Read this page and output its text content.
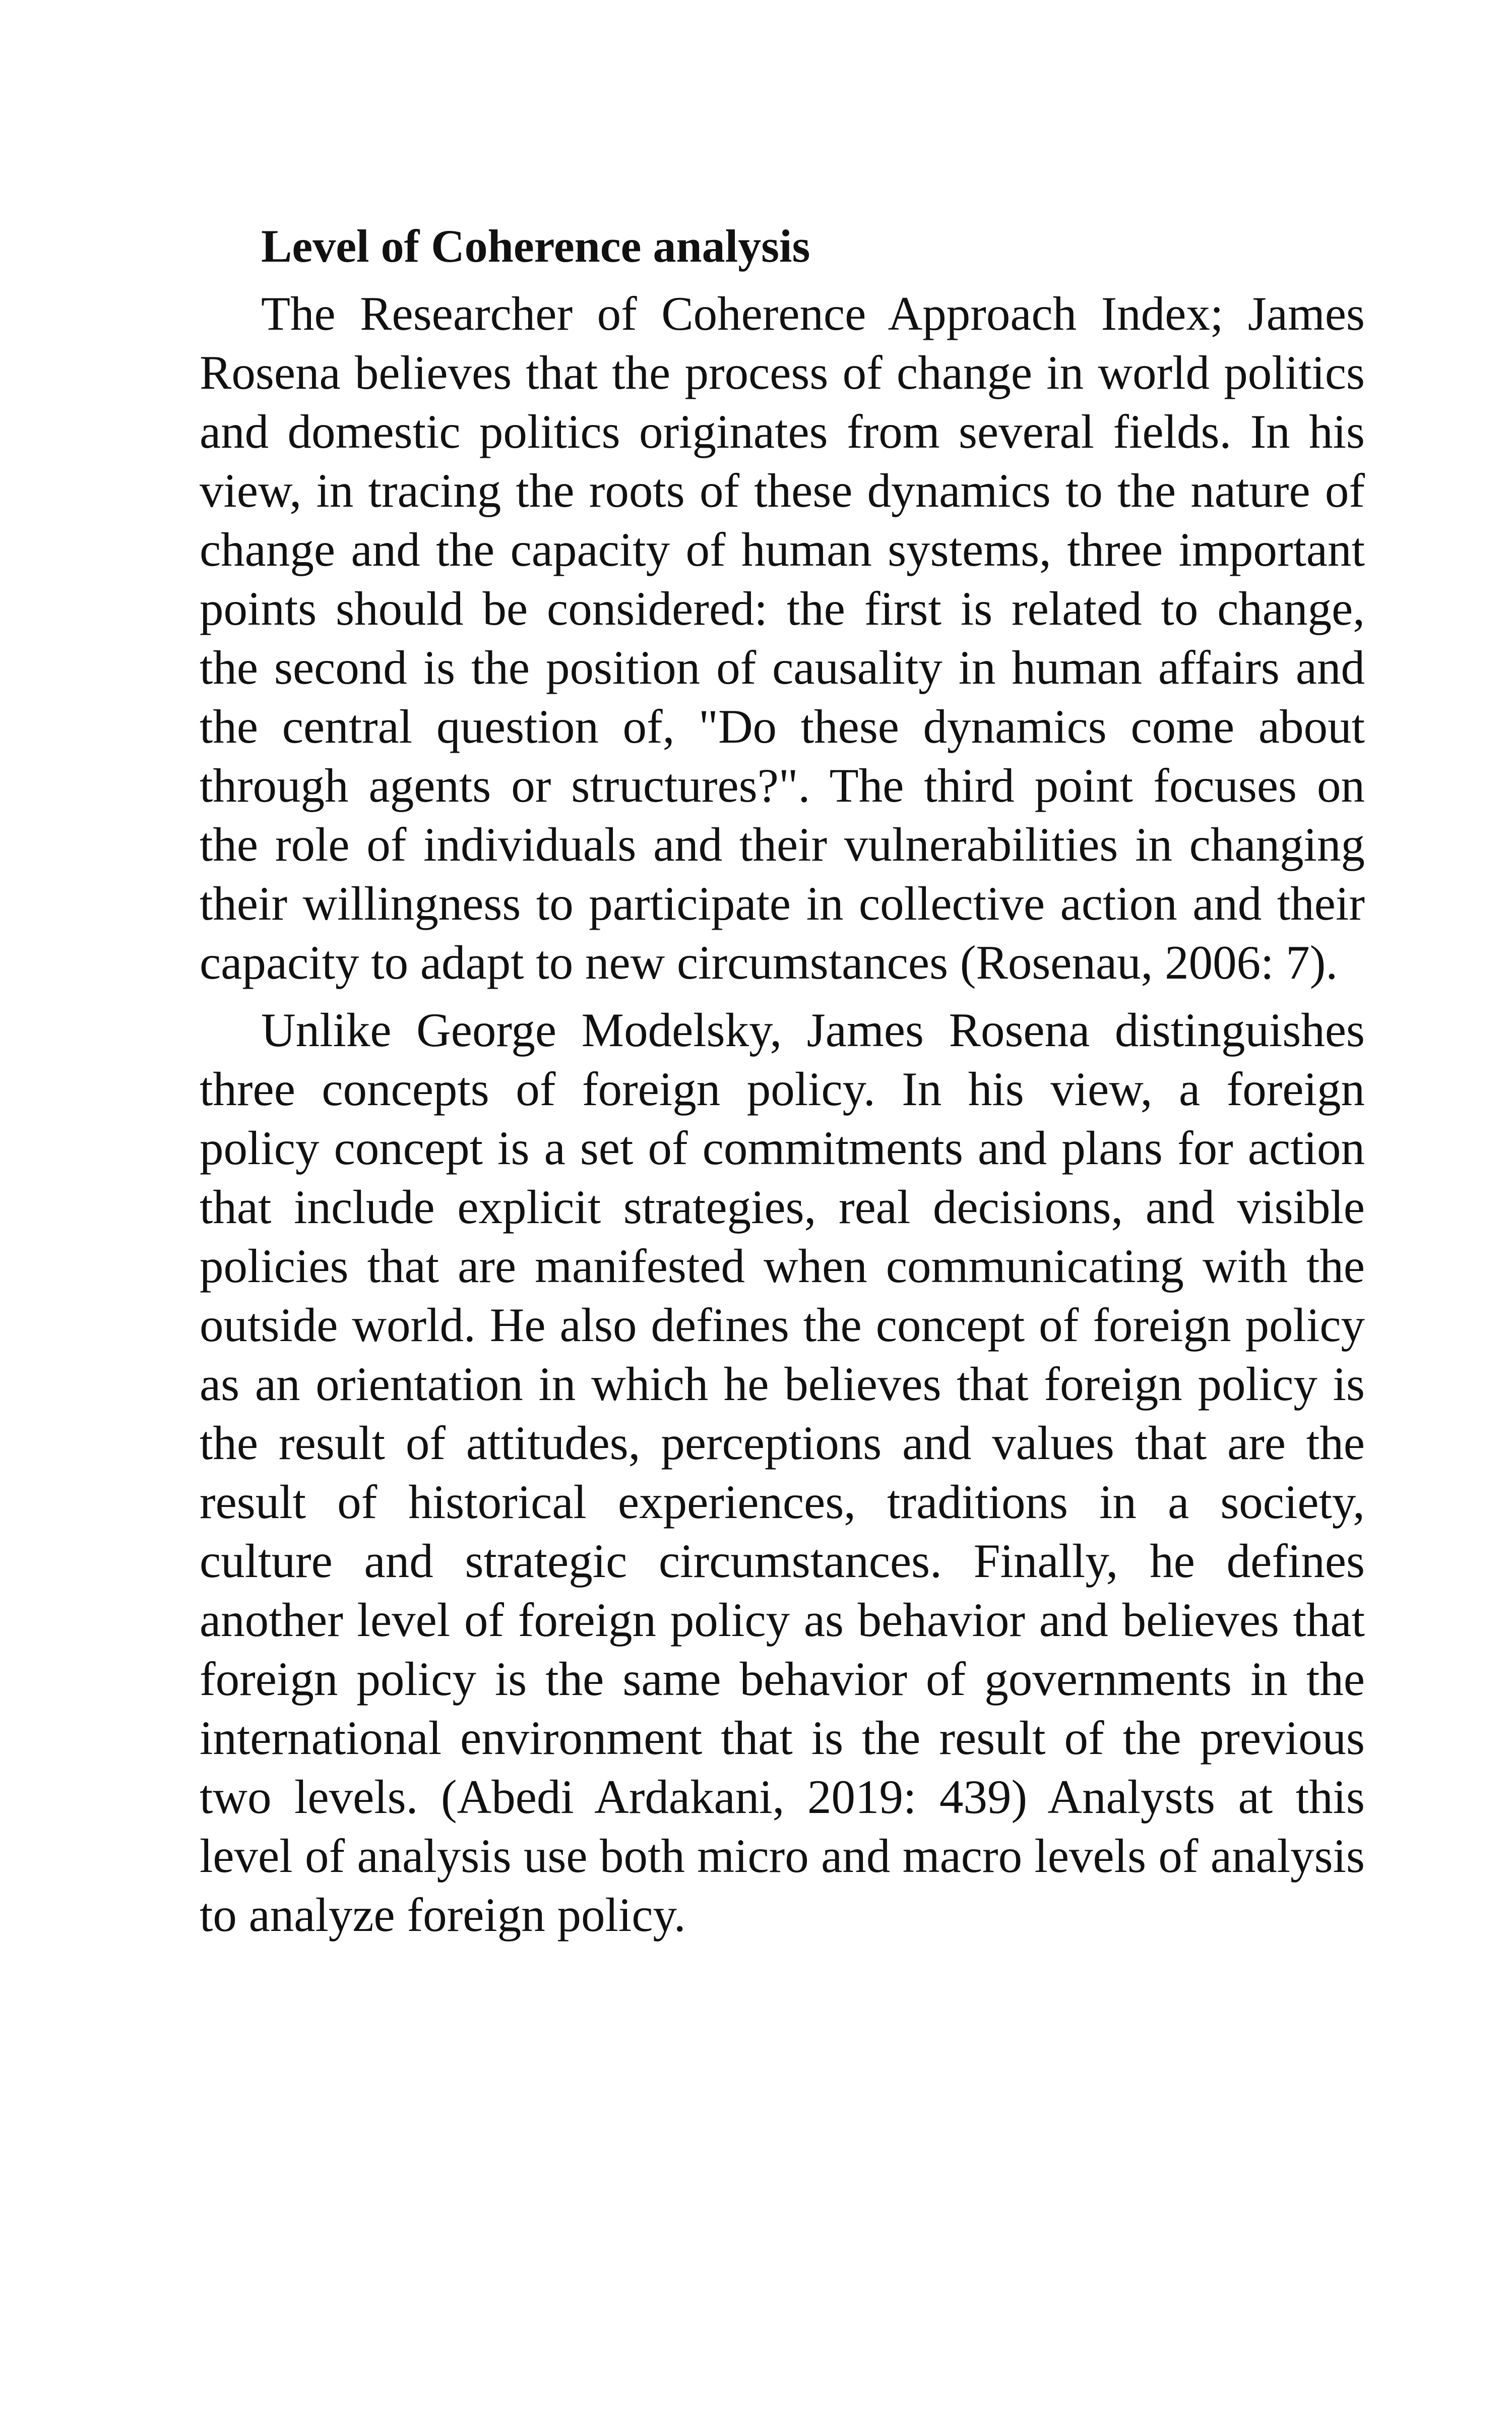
Level of Coherence analysis

The Researcher of Coherence Approach Index; James Rosena believes that the process of change in world politics and domestic politics originates from several fields. In his view, in tracing the roots of these dynamics to the nature of change and the capacity of human systems, three important points should be considered: the first is related to change, the second is the position of causality in human affairs and the central question of, "Do these dynamics come about through agents or structures?". The third point focuses on the role of individuals and their vulnerabilities in changing their willingness to participate in collective action and their capacity to adapt to new circumstances (Rosenau, 2006: 7).

Unlike George Modelsky, James Rosena distinguishes three concepts of foreign policy. In his view, a foreign policy concept is a set of commitments and plans for action that include explicit strategies, real decisions, and visible policies that are manifested when communicating with the outside world. He also defines the concept of foreign policy as an orientation in which he believes that foreign policy is the result of attitudes, perceptions and values that are the result of historical experiences, traditions in a society, culture and strategic circumstances. Finally, he defines another level of foreign policy as behavior and believes that foreign policy is the same behavior of governments in the international environment that is the result of the previous two levels. (Abedi Ardakani, 2019: 439) Analysts at this level of analysis use both micro and macro levels of analysis to analyze foreign policy.
